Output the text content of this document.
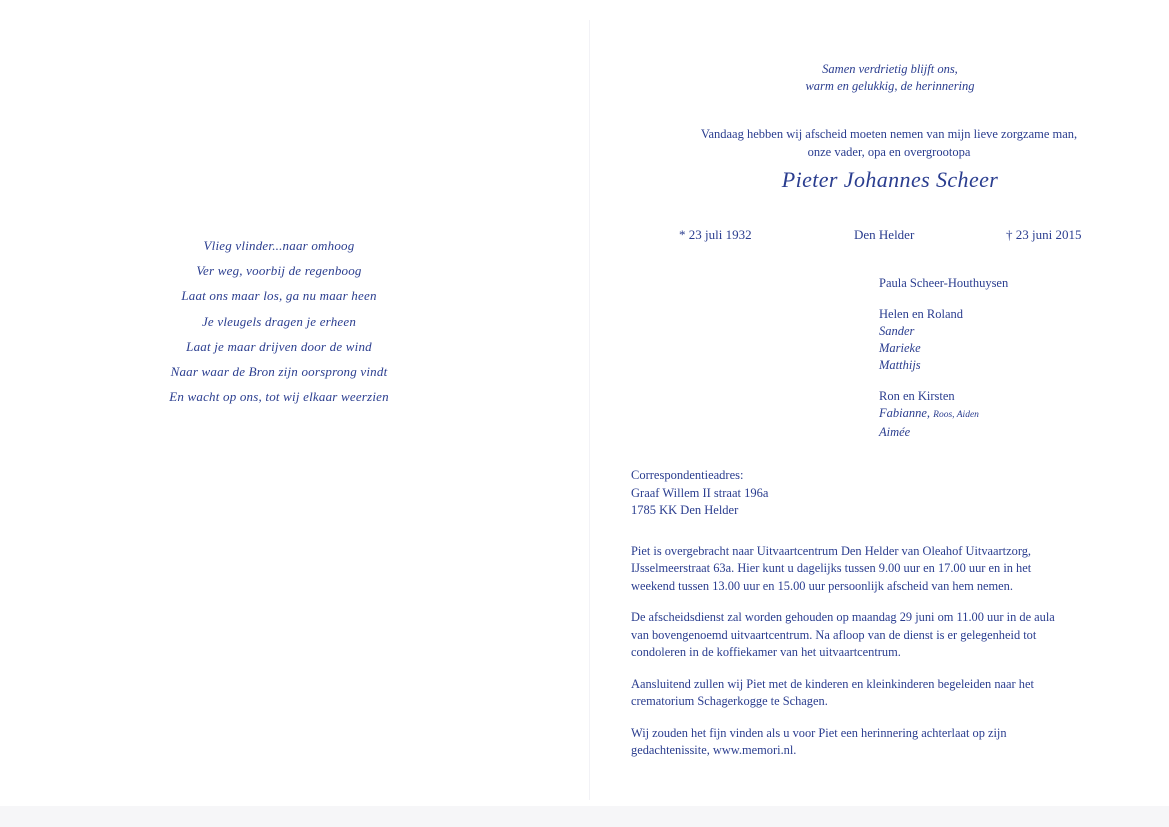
Vlieg vlinder...naar omhoog
Ver weg, voorbij de regenboog
Laat ons maar los, ga nu maar heen
Je vleugels dragen je erheen
Laat je maar drijven door de wind
Naar waar de Bron zijn oorsprong vindt
En wacht op ons, tot wij elkaar weerzien
Samen verdrietig blijft ons,
warm en gelukkig, de herinnering
Vandaag hebben wij afscheid moeten nemen van mijn lieve zorgzame man,
onze vader, opa en overgrootopa
Pieter Johannes Scheer
* 23 juli 1932	Den Helder	† 23 juni 2015
Paula Scheer-Houthuysen
Helen en Roland
Sander
Marieke
Matthijs
Ron en Kirsten
Fabianne, Roos, Aiden
Aimée
Correspondentieadres:
Graaf Willem II straat 196a
1785 KK Den Helder
Piet is overgebracht naar Uitvaartcentrum Den Helder van Oleahof Uitvaartzorg,
IJsselmeerstraat 63a. Hier kunt u dagelijks tussen 9.00 uur en 17.00 uur en in het
weekend tussen 13.00 uur en 15.00 uur persoonlijk afscheid van hem nemen.
De afscheidsdienst zal worden gehouden op maandag 29 juni om 11.00 uur in de aula
van bovengenoemd uitvaartcentrum. Na afloop van de dienst is er gelegenheid tot
condoleren in de koffiekamer van het uitvaartcentrum.
Aansluitend zullen wij Piet met de kinderen en kleinkinderen begeleiden naar het
crematorium Schagerkogge te Schagen.
Wij zouden het fijn vinden als u voor Piet een herinnering achterlaat op zijn
gedachtenissite, www.memori.nl.
